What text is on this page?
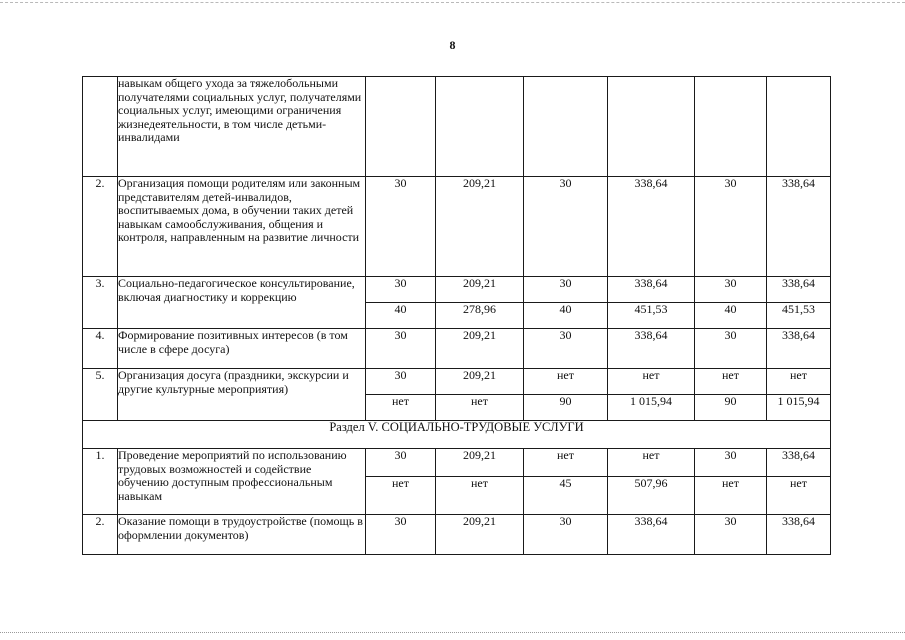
8
	навыкам общего ухода за тяжелобольными получателями социальных услуг, получателями социальных услуг, имеющими ограничения жизнедеятельности, в том числе детьми-инвалидами						
2.	Организация помощи родителям или законным представителям детей-инвалидов, воспитываемых дома, в обучении таких детей навыкам самообслуживания, общения и контроля, направленным на развитие личности	30	209,21	30	338,64	30	338,64
3.	Социально-педагогическое консультирование, включая диагностику и коррекцию	30	209,21	30	338,64	30	338,64
		40	278,96	40	451,53	40	451,53
4.	Формирование позитивных интересов (в том числе в сфере досуга)	30	209,21	30	338,64	30	338,64
5.	Организация досуга (праздники, экскурсии и другие культурные мероприятия)	30	209,21	нет	нет	нет	нет
		нет	нет	90	1 015,94	90	1 015,94
Раздел V. СОЦИАЛЬНО-ТРУДОВЫЕ УСЛУГИ							
1.	Проведение мероприятий по использованию трудовых возможностей и содействие обучению доступным профессиональным навыкам	30	209,21	нет	нет	30	338,64
		нет	нет	45	507,96	нет	нет
2.	Оказание помощи в трудоустройстве (помощь в оформлении документов)	30	209,21	30	338,64	30	338,64
